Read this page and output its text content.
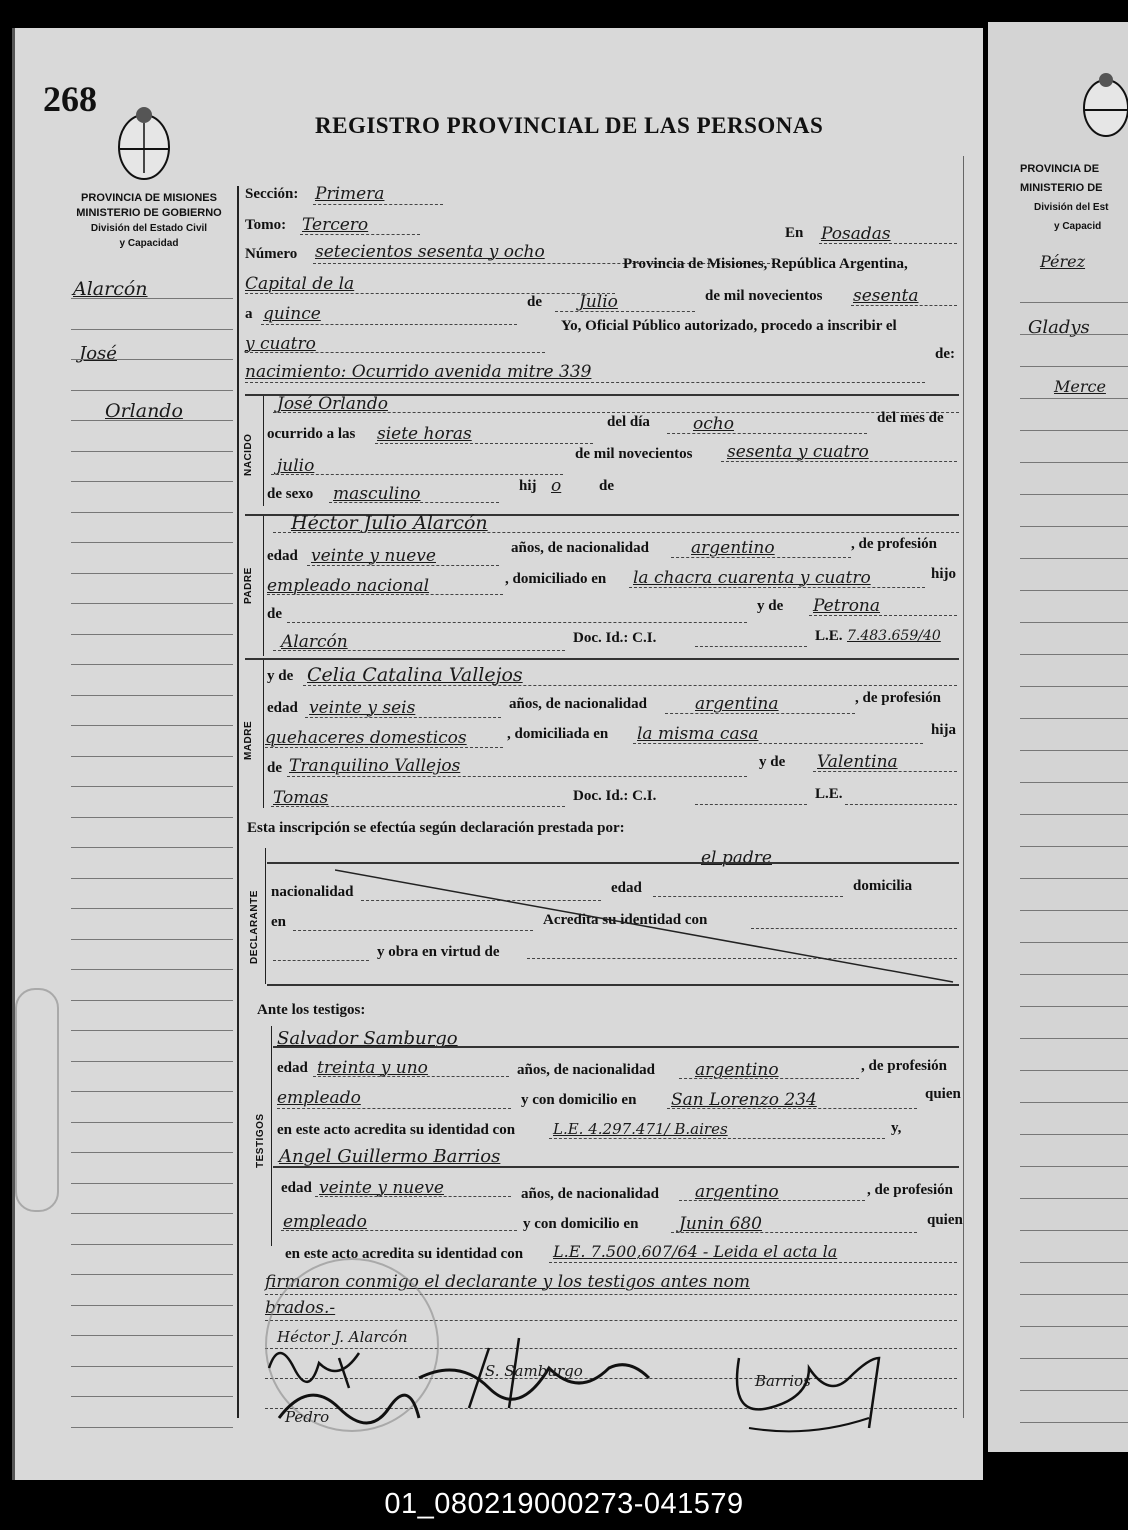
PROVINCIA DE
MINISTERIO DE
División del Est
y Capacid
Pérez
Gladys
Merce
268
REGISTRO PROVINCIAL DE LAS PERSONAS
PROVINCIA DE MISIONES
MINISTERIO DE GOBIERNO
División del Estado Civil
y Capacidad
Alarcón
José
Orlando
Sección: Primera
Tomo: Tercero
Número setecientos sesenta y ocho
En Posadas
Capital de la
Provincia de Misiones, República Argentina,
a quince
de Julio	de mil novecientos sesenta
y cuatro
Yo, Oficial Público autorizado, procedo a inscribir el
nacimiento: Ocurrido avenida mitre 339
de:
NACIDO
José Orlando
ocurrido a las siete horas
del día	ocho	del mes de
julio
de mil novecientos sesenta y cuatro
de sexo masculino	hij o	de
PADRE
Héctor Julio Alarcón
edad veinte y nueve	años, de nacionalidad argentino	, de profesión
empleado nacional	, domiciliado en la chacra cuarenta y cuatro	hijo
de	y de Petrona
Alarcón	Doc. Id.: C.I.	L.E. 7.483.659/40
MADRE
y de Celia Catalina Vallejos
edad veinte y seis	años, de nacionalidad	argentina	, de profesión
quehaceres domesticos	, domiciliada en la misma casa	hija
de Tranquilino Vallejos	y de Valentina
Tomas	Doc. Id.: C.I.	L.E.
Esta inscripción se efectúa según declaración prestada por:
DECLARANTE
el padre
nacionalidad	edad	domicilia
en	Acredita su identidad con
y obra en virtud de
Ante los testigos:
TESTIGOS
Salvador Samburgo
edad treinta y uno	años, de nacionalidad argentino	, de profesión
empleado	y con domicilio en San Lorenzo 234	quien
en este acto acredita su identidad con	L.E. 4.297.471/ B.aires	y,
Angel Guillermo Barrios
edad veinte y nueve	años, de nacionalidad argentino	, de profesión
empleado	y con domicilio en Junin 680	quien
en este acto acredita su identidad con L.E. 7.500,607/64 - Leida el acta la
firmaron conmigo el declarante y los testigos antes nom
brados.-
Héctor J. Alarcón
Pedro
S. Samburgo
Barrios
01_080219000273-041579
